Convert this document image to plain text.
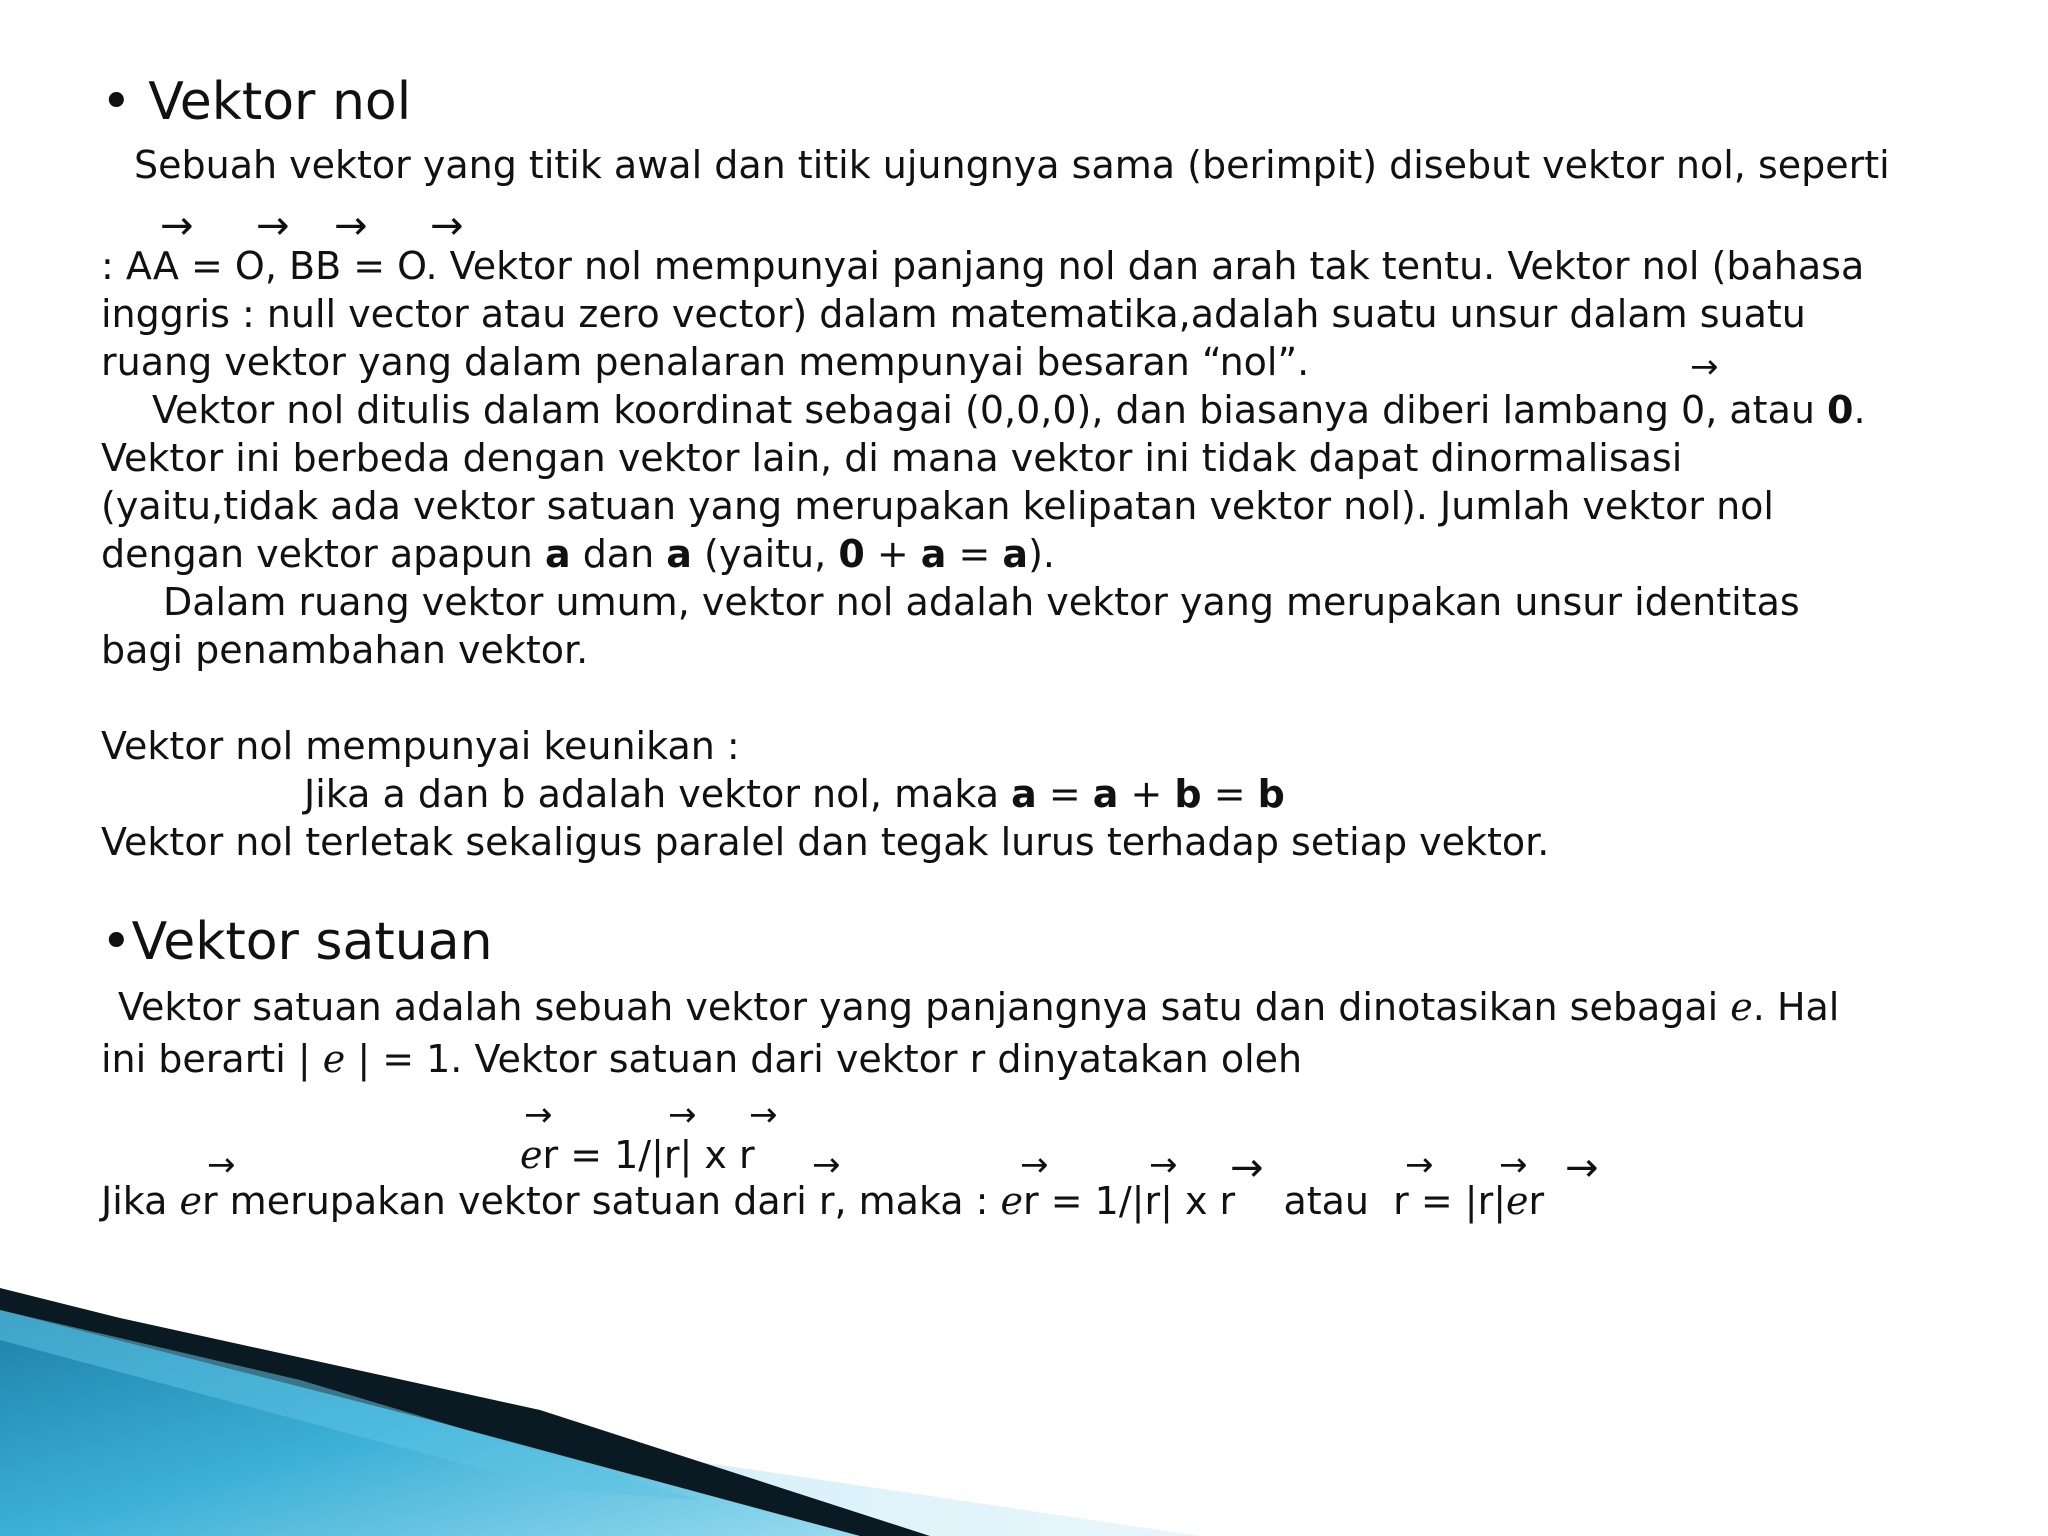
• Vektor nol
Sebuah vektor yang titik awal dan titik ujungnya sama (berimpit) disebut vektor nol, seperti
→ → → →
: AA = O, BB = O. Vektor nol mempunyai panjang nol dan arah tak tentu. Vektor nol (bahasa
inggris : null vector atau zero vector) dalam matematika,adalah suatu unsur dalam suatu
ruang vektor yang dalam penalaran mempunyai besaran “nol”.	→
Vektor nol ditulis dalam koordinat sebagai (0,0,0), dan biasanya diberi lambang 0, atau 0.
Vektor ini berbeda dengan vektor lain, di mana vektor ini tidak dapat dinormalisasi
(yaitu,tidak ada vektor satuan yang merupakan kelipatan vektor nol). Jumlah vektor nol
dengan vektor apapun a dan a (yaitu, 0 + a = a).
Dalam ruang vektor umum, vektor nol adalah vektor yang merupakan unsur identitas
bagi penambahan vektor.
Vektor nol mempunyai keunikan :
Jika a dan b adalah vektor nol, maka a = a + b = b
Vektor nol terletak sekaligus paralel dan tegak lurus terhadap setiap vektor.
•Vektor satuan
Vektor satuan adalah sebuah vektor yang panjangnya satu dan dinotasikan sebagai e. Hal
ini berarti | e | = 1. Vektor satuan dari vektor r dinyatakan oleh
→	→ →
er = 1/|r| x r
→	→	→	→ →	→ → →
Jika er merupakan vektor satuan dari r, maka : er = 1/|r| x r    atau  r = |r|er
